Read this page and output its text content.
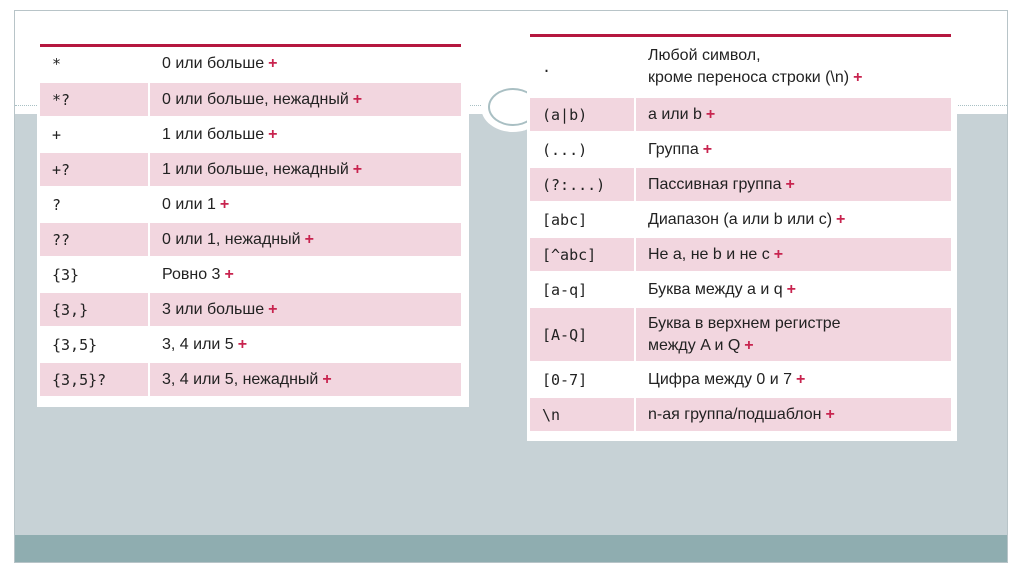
*	0 или больше +
*?	0 или больше, нежадный +
+	1 или больше +
+?	1 или больше, нежадный +
?	0 или 1 +
??	0 или 1, нежадный +
{3}	Ровно 3 +
{3,}	3 или больше +
{3,5}	3, 4 или 5 +
{3,5}?	3, 4 или 5, нежадный +
.	Любой символ,
кроме переноса строки (\n) +

(a|b)	а или b +
(...)	Группа +
(?:...)	Пассивная группа +
[abc]	Диапазон (a или b или c) +
[^abc]	Не a, не b и не c +
[a-q]	Буква между a и q +
[A-Q]	Буква в верхнем регистре
между A и Q +

[0-7]	Цифра между 0 и 7 +
\n	n-ая группа/подшаблон +
